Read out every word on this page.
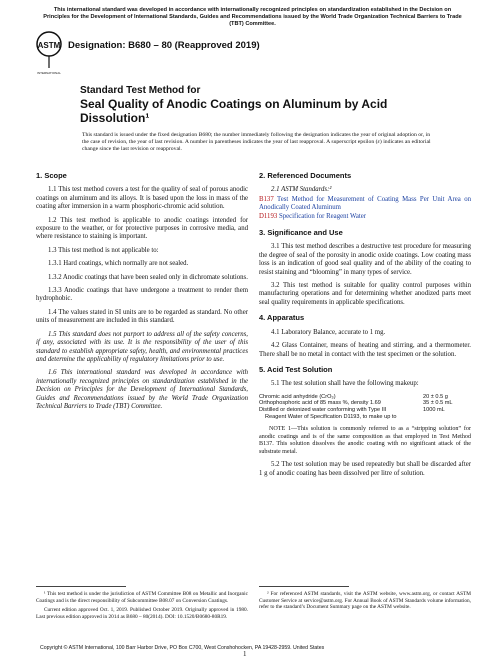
This international standard was developed in accordance with internationally recognized principles on standardization established in the Decision on Principles for the Development of International Standards, Guides and Recommendations issued by the World Trade Organization Technical Barriers to Trade (TBT) Committee.
ASTM
INTERNATIONAL
Designation: B680 – 80 (Reapproved 2019)
Standard Test Method for
Seal Quality of Anodic Coatings on Aluminum by Acid Dissolution¹
This standard is issued under the fixed designation B680; the number immediately following the designation indicates the year of original adoption or, in the case of revision, the year of last revision. A number in parentheses indicates the year of last reapproval. A superscript epsilon (ε) indicates an editorial change since the last revision or reapproval.
1. Scope

1.1 This test method covers a test for the quality of seal of porous anodic coatings on aluminum and its alloys. It is based upon the loss in mass of the coating after immersion in a warm phosphoric-chromic acid solution.

1.2 This test method is applicable to anodic coatings intended for exposure to the weather, or for protective purposes in corrosive media, and where resistance to staining is important.

1.3 This test method is not applicable to:

1.3.1 Hard coatings, which normally are not sealed.

1.3.2 Anodic coatings that have been sealed only in dichromate solutions.

1.3.3 Anodic coatings that have undergone a treatment to render them hydrophobic.

1.4 The values stated in SI units are to be regarded as standard. No other units of measurement are included in this standard.

1.5 This standard does not purport to address all of the safety concerns, if any, associated with its use. It is the responsibility of the user of this standard to establish appropriate safety, health, and environmental practices and determine the applicability of regulatory limitations prior to use.

1.6 This international standard was developed in accordance with internationally recognized principles on standardization established in the Decision on Principles for the Development of International Standards, Guides and Recommendations issued by the World Trade Organization Technical Barriers to Trade (TBT) Committee.

¹ This test method is under the jurisdiction of ASTM Committee B08 on Metallic and Inorganic Coatings and is the direct responsibility of Subcommittee B08.07 on Conversion Coatings.

Current edition approved Oct. 1, 2019. Published October 2019. Originally approved in 1980. Last previous edition approved in 2014 as B680 – 80(2014). DOI: 10.1520/B0680-80R19.

2. Referenced Documents

2.1 ASTM Standards:²

B137 Test Method for Measurement of Coating Mass Per Unit Area on Anodically Coated Aluminum

D1193 Specification for Reagent Water

3. Significance and Use

3.1 This test method describes a destructive test procedure for measuring the degree of seal of the porosity in anodic oxide coatings. Low coating mass loss is an indication of good seal quality and of the ability of the coating to resist staining and “blooming” in many types of service.

3.2 This test method is suitable for quality control purposes within manufacturing operations and for determining whether anodized parts meet seal quality requirements in applicable specifications.

4. Apparatus

4.1 Laboratory Balance, accurate to 1 mg.

4.2 Glass Container, means of heating and stirring, and a thermometer. There shall be no metal in contact with the test specimen or the solution.

5. Acid Test Solution

5.1 The test solution shall have the following makeup:

Chromic acid anhydride (CrO₃)	20 ± 0.5 g
Orthophosphoric acid of 85 mass %, density 1.69	35 ± 0.5 mL
Distilled or deionized water conforming with Type III	1000 mL
Reagent Water of Specification D1193, to make up to

NOTE 1—This solution is commonly referred to as a “stripping solution” for anodic coatings and is of the same composition as that employed in Test Method B137. This solution dissolves the anodic coating with no significant attack of the substrate metal.

5.2 The test solution may be used repeatedly but shall be discarded after 1 g of anodic coating has been dissolved per litre of solution.

² For referenced ASTM standards, visit the ASTM website, www.astm.org, or contact ASTM Customer Service at service@astm.org. For Annual Book of ASTM Standards volume information, refer to the standard’s Document Summary page on the ASTM website.

Copyright © ASTM International, 100 Barr Harbor Drive, PO Box C700, West Conshohocken, PA 19428-2959. United States
1
